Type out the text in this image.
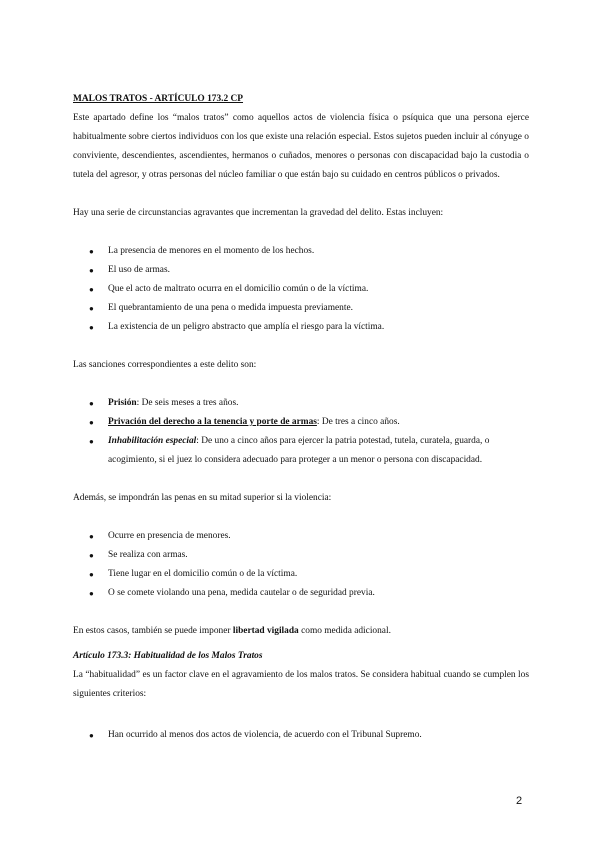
MALOS TRATOS - ARTÍCULO 173.2 CP

Este apartado define los “malos tratos” como aquellos actos de violencia física o psíquica que una persona ejerce habitualmente sobre ciertos individuos con los que existe una relación especial. Estos sujetos pueden incluir al cónyuge o conviviente, descendientes, ascendientes, hermanos o cuñados, menores o personas con discapacidad bajo la custodia o tutela del agresor, y otras personas del núcleo familiar o que están bajo su cuidado en centros públicos o privados.

Hay una serie de circunstancias agravantes que incrementan la gravedad del delito. Estas incluyen:

● La presencia de menores en el momento de los hechos.
● El uso de armas.
● Que el acto de maltrato ocurra en el domicilio común o de la víctima.
● El quebrantamiento de una pena o medida impuesta previamente.
● La existencia de un peligro abstracto que amplía el riesgo para la víctima.

Las sanciones correspondientes a este delito son:

● Prisión: De seis meses a tres años.
● Privación del derecho a la tenencia y porte de armas: De tres a cinco años.
● Inhabilitación especial: De uno a cinco años para ejercer la patria potestad, tutela, curatela, guarda, o acogimiento, si el juez lo considera adecuado para proteger a un menor o persona con discapacidad.

Además, se impondrán las penas en su mitad superior si la violencia:

● Ocurre en presencia de menores.
● Se realiza con armas.
● Tiene lugar en el domicilio común o de la víctima.
● O se comete violando una pena, medida cautelar o de seguridad previa.

En estos casos, también se puede imponer libertad vigilada como medida adicional.

Artículo 173.3: Habitualidad de los Malos Tratos

La “habitualidad” es un factor clave en el agravamiento de los malos tratos. Se considera habitual cuando se cumplen los siguientes criterios:

● Han ocurrido al menos dos actos de violencia, de acuerdo con el Tribunal Supremo.
2
